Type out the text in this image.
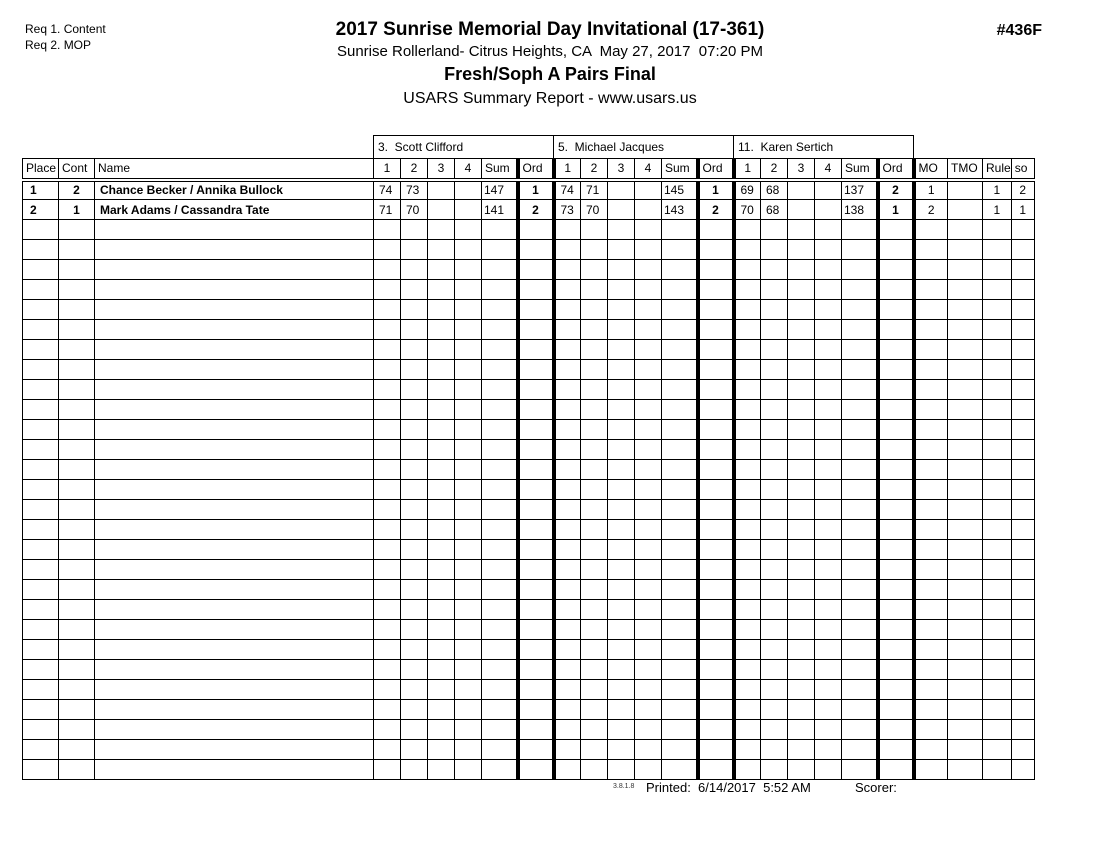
Req 1. Content
Req 2. MOP
2017 Sunrise Memorial Day Invitational (17-361)
Sunrise Rollerland- Citrus Heights, CA  May 27, 2017  07:20 PM
Fresh/Soph A Pairs Final
USARS Summary Report - www.usars.us
#436F
			3.  Scott Clifford						5.  Michael Jacques						11.  Karen Sertich									
Place	Cont	Name	1	2	3	4	Sum	Ord	1	2	3	4	Sum	Ord	1	2	3	4	Sum	Ord	MO	TMO	Rule	so
1	2	Chance Becker / Annika Bullock	74	73			147	1	74	71			145	1	69	68			137	2	1		1	2
2	1	Mark Adams / Cassandra Tate	71	70			141	2	73	70			143	2	70	68			138	1	2		1	1

3.8.1.8 Printed:  6/14/2017  5:52 AM	Scorer:
